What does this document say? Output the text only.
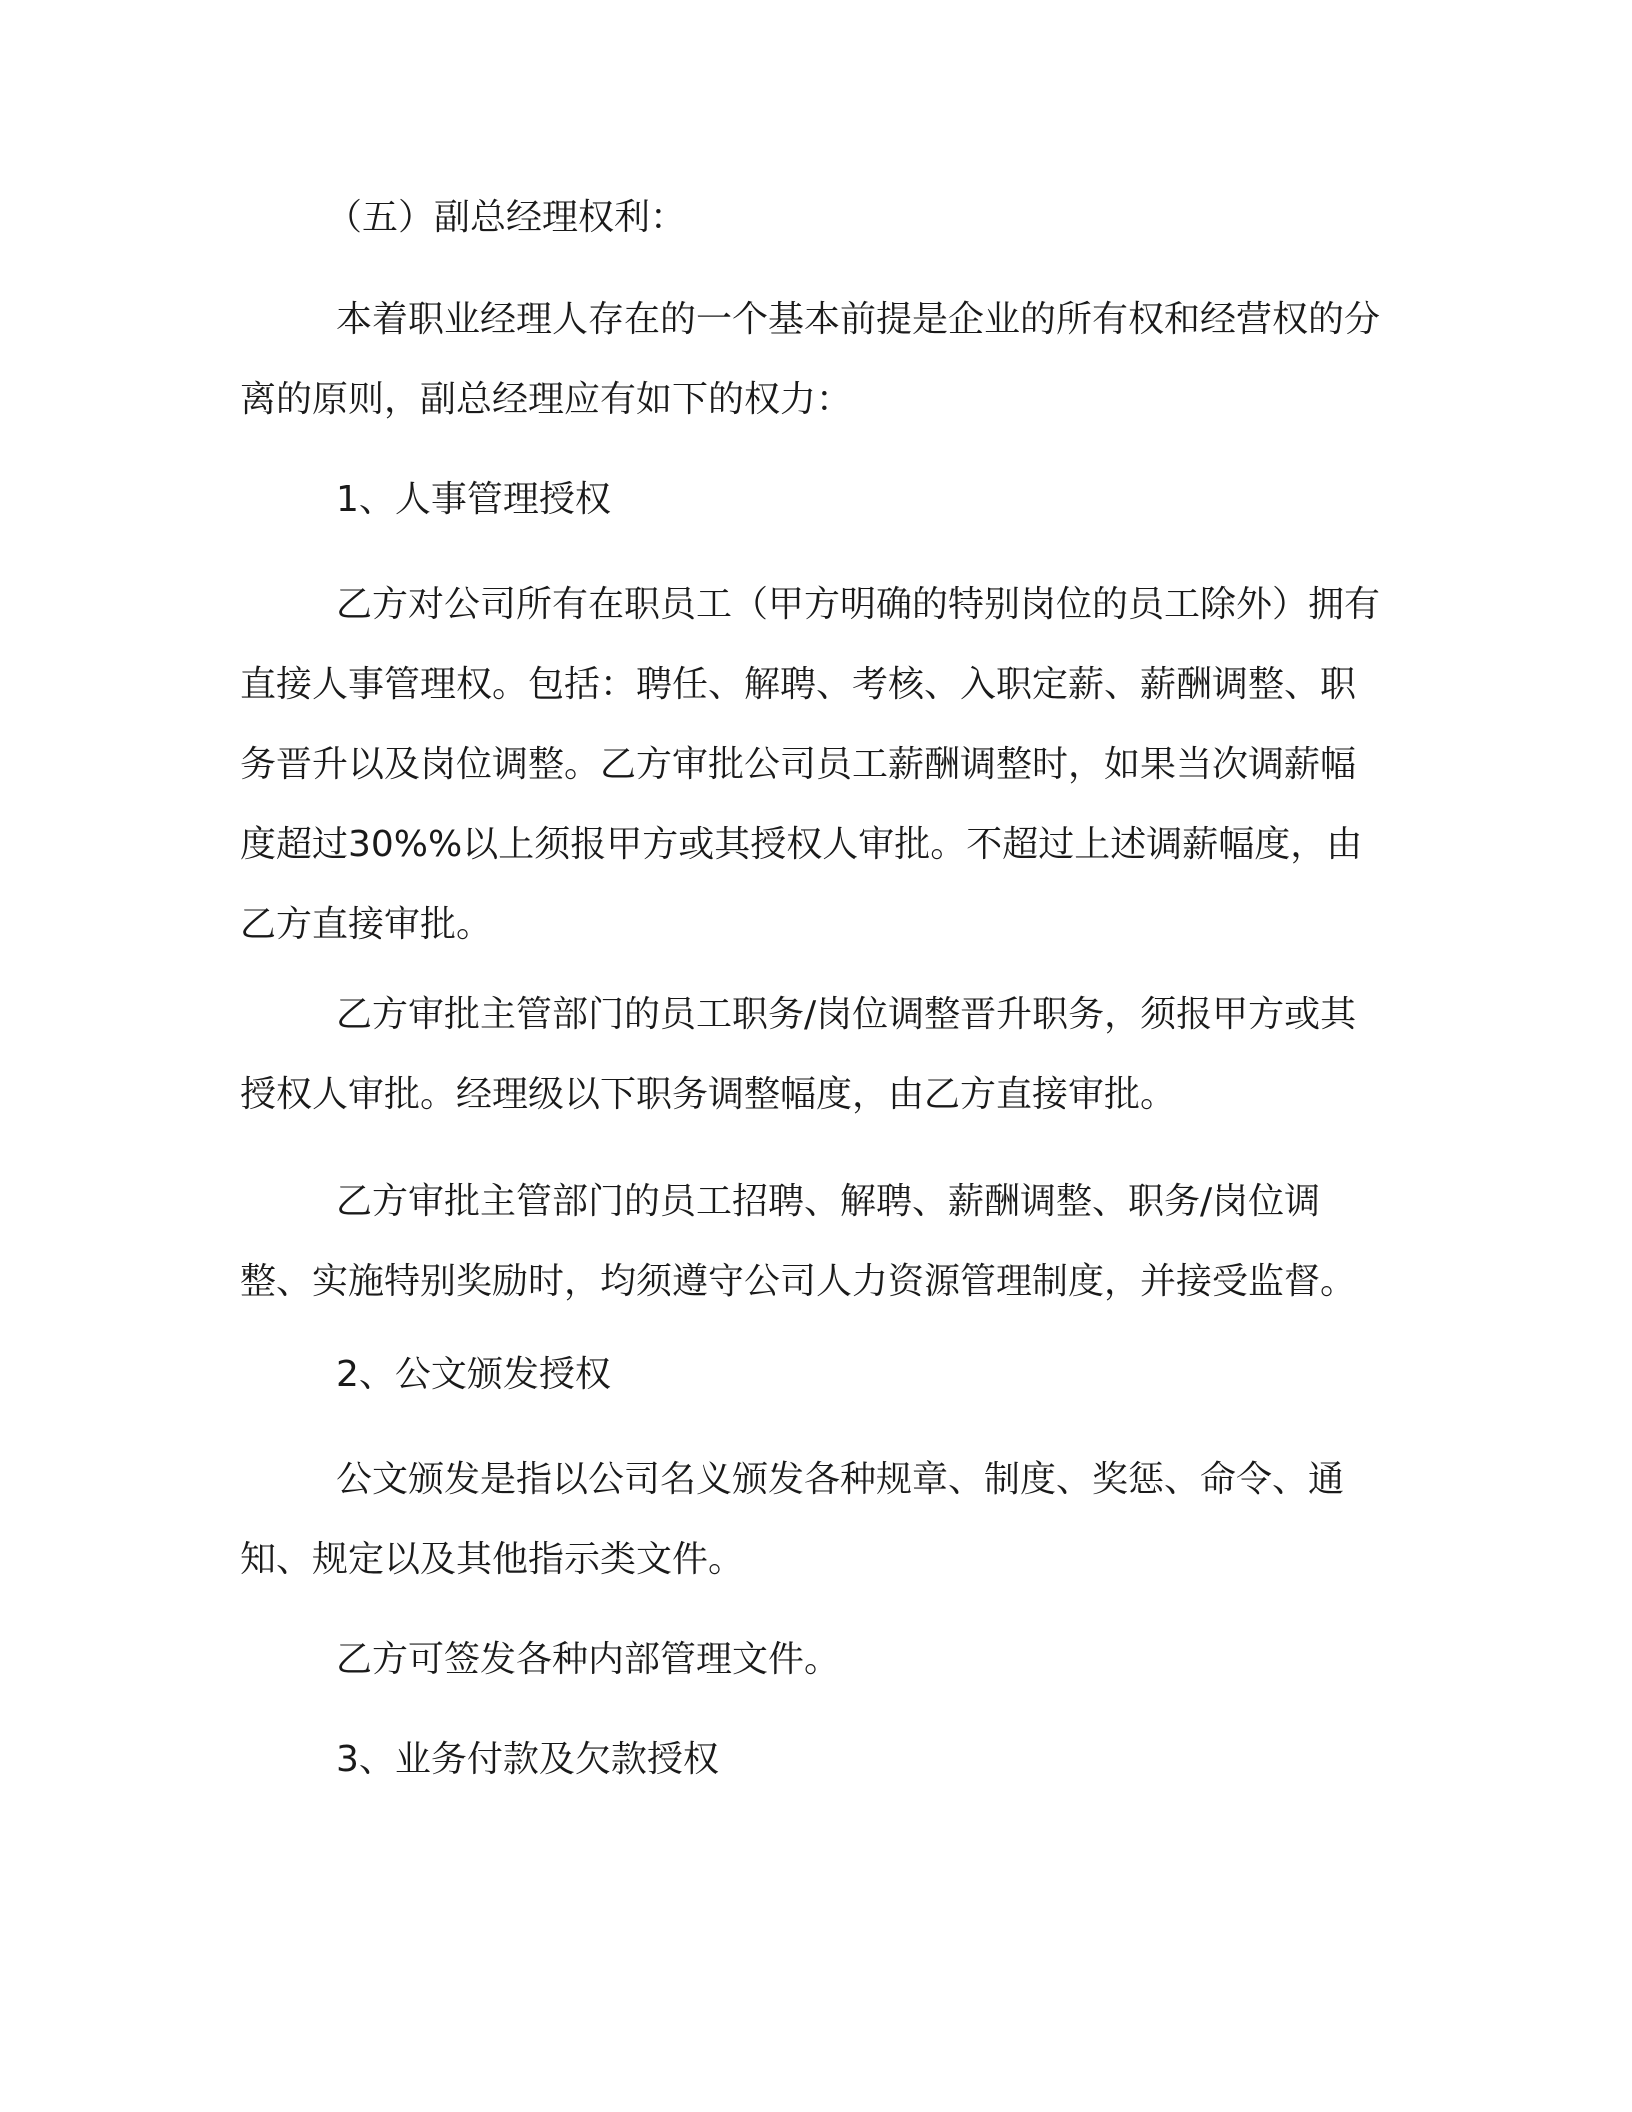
（五）副总经理权利：

本着职业经理人存在的一个基本前提是企业的所有权和经营权的分离的原则，副总经理应有如下的权力：

1、人事管理授权

乙方对公司所有在职员工（甲方明确的特别岗位的员工除外）拥有直接人事管理权。包括：聘任、解聘、考核、入职定薪、薪酬调整、职务晋升以及岗位调整。乙方审批公司员工薪酬调整时，如果当次调薪幅度超过30%%以上须报甲方或其授权人审批。不超过上述调薪幅度，由乙方直接审批。

乙方审批主管部门的员工职务/岗位调整晋升职务，须报甲方或其授权人审批。经理级以下职务调整幅度，由乙方直接审批。

乙方审批主管部门的员工招聘、解聘、薪酬调整、职务/岗位调整、实施特别奖励时，均须遵守公司人力资源管理制度，并接受监督。

2、公文颁发授权

公文颁发是指以公司名义颁发各种规章、制度、奖惩、命令、通知、规定以及其他指示类文件。

乙方可签发各种内部管理文件。

3、业务付款及欠款授权
